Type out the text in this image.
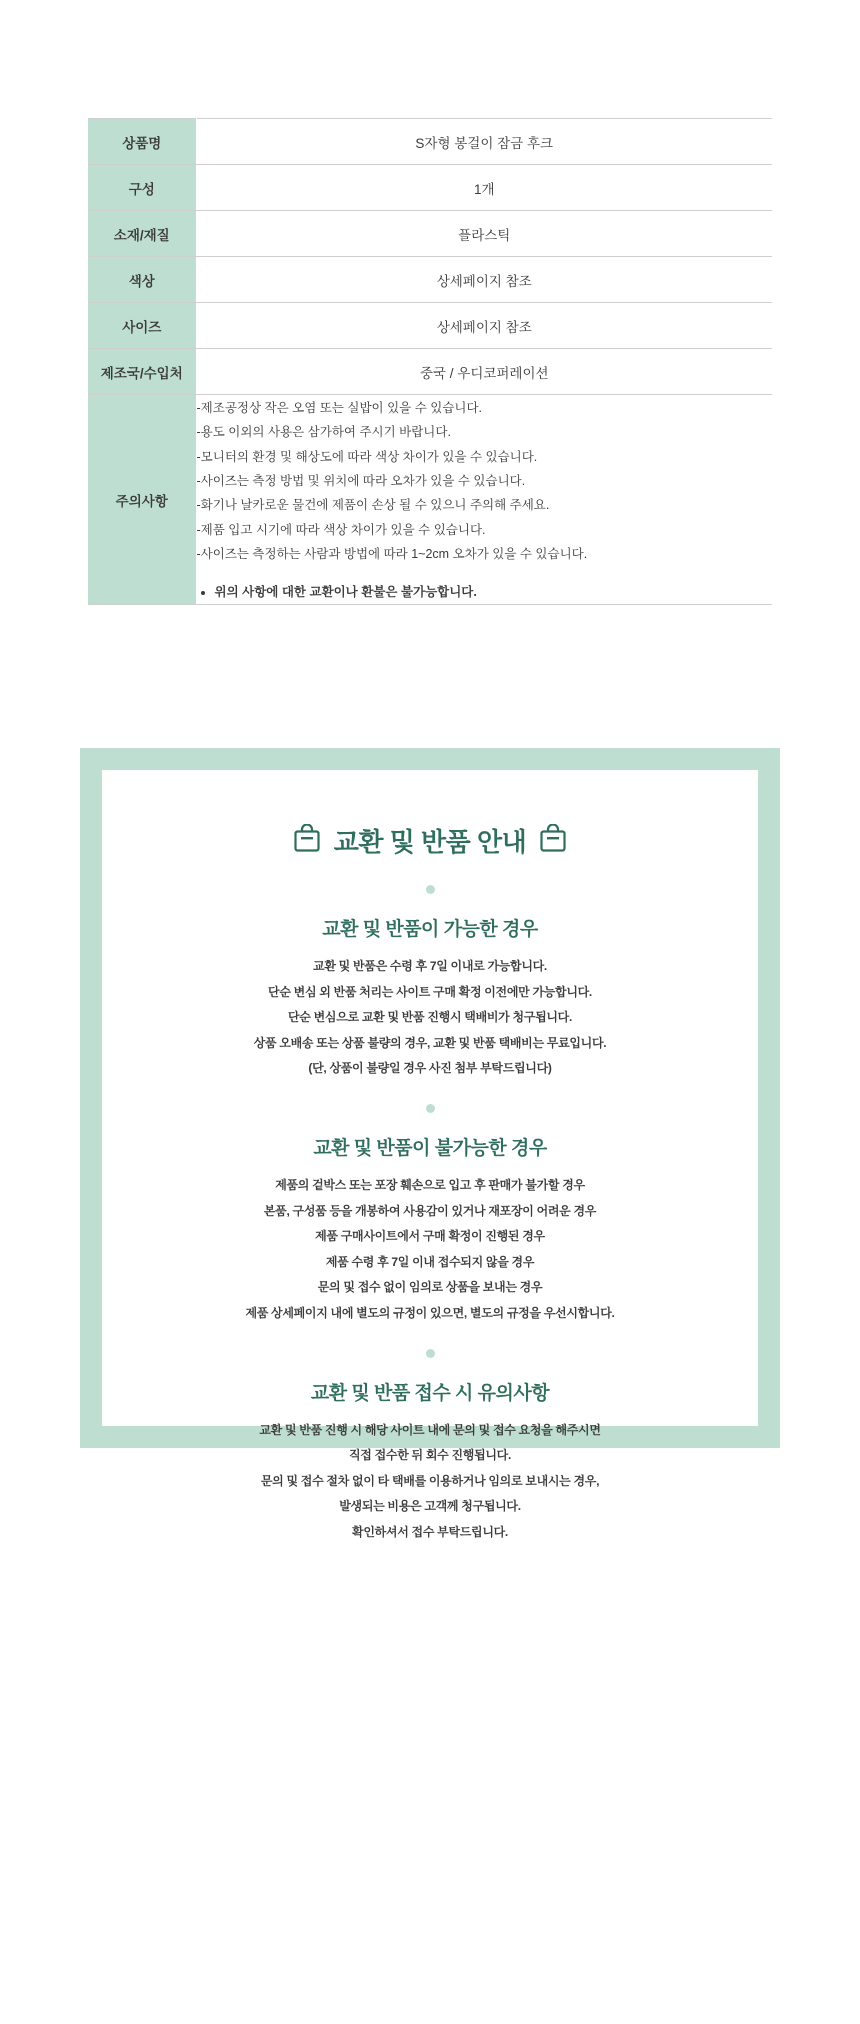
상품명	S자형 봉걸이 잠금 후크
구성	1개
소재/재질	플라스틱
색상	상세페이지 참조
사이즈	상세페이지 참조
제조국/수입처	중국 / 우디코퍼레이션
주의사항	
-제조공정상 작은 오염 또는 실밥이 있을 수 있습니다.
-용도 이외의 사용은 삼가하여 주시기 바랍니다.
-모니터의 환경 및 해상도에 따라 색상 차이가 있을 수 있습니다.
-사이즈는 측정 방법 및 위치에 따라 오차가 있을 수 있습니다.
-화기나 날카로운 물건에 제품이 손상 될 수 있으니 주의해 주세요.
-제품 입고 시기에 따라 색상 차이가 있을 수 있습니다.
-사이즈는 측정하는 사람과 방법에 따라 1~2cm 오차가 있을 수 있습니다.
• 위의 사항에 대한 교환이나 환불은 불가능합니다.
교환 및 반품 안내
교환 및 반품이 가능한 경우

교환 및 반품은 수령 후 7일 이내로 가능합니다.

단순 변심 외 반품 처리는 사이트 구매 확정 이전에만 가능합니다.

단순 변심으로 교환 및 반품 진행시 택배비가 청구됩니다.

상품 오배송 또는 상품 불량의 경우, 교환 및 반품 택배비는 무료입니다.

(단, 상품이 불량일 경우 사진 첨부 부탁드립니다)

교환 및 반품이 불가능한 경우

제품의 겉박스 또는 포장 훼손으로 입고 후 판매가 불가할 경우

본품, 구성품 등을 개봉하여 사용감이 있거나 재포장이 어려운 경우

제품 구매사이트에서 구매 확정이 진행된 경우

제품 수령 후 7일 이내 접수되지 않을 경우

문의 및 접수 없이 임의로 상품을 보내는 경우

제품 상세페이지 내에 별도의 규정이 있으면, 별도의 규정을 우선시합니다.

교환 및 반품 접수 시 유의사항

교환 및 반품 진행 시 해당 사이트 내에 문의 및 접수 요청을 해주시면

직접 접수한 뒤 회수 진행됩니다.

문의 및 접수 절차 없이 타 택배를 이용하거나 임의로 보내시는 경우,

발생되는 비용은 고객께 청구됩니다.

확인하셔서 접수 부탁드립니다.
